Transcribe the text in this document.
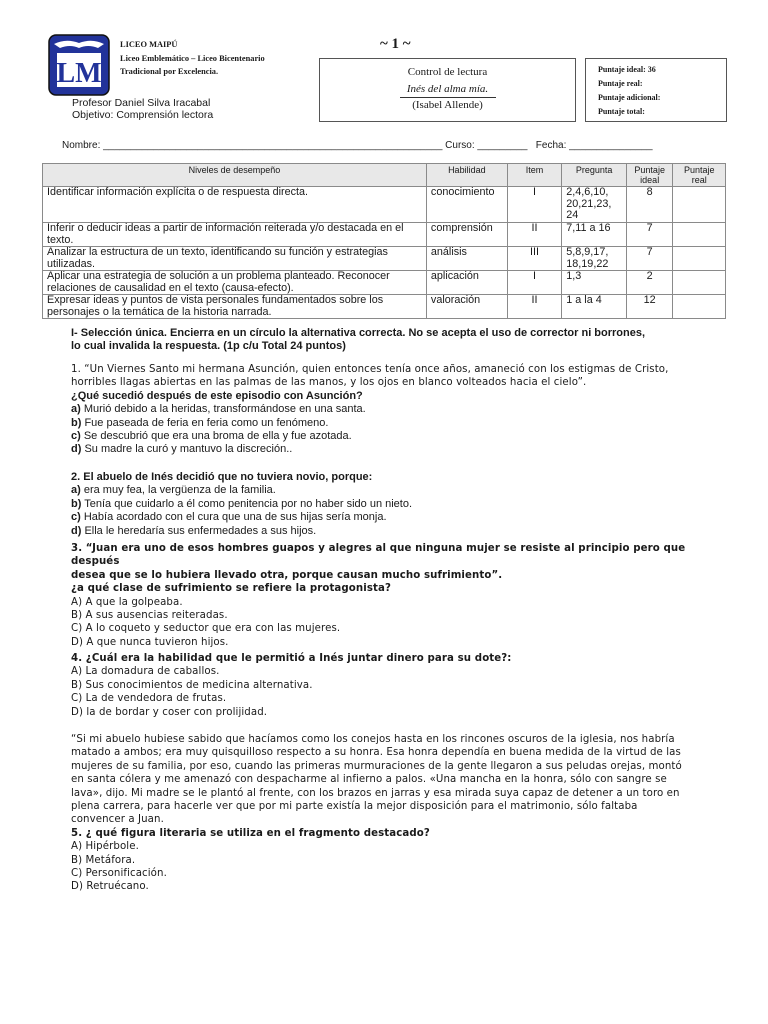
LM
LICEO MAIPÚ
Liceo Emblemático – Liceo Bicentenario
Tradicional por Excelencia.
~ 1 ~
Control de lectura
Inés del alma mía.
(Isabel Allende)
Puntaje ideal: 36
Puntaje real:
Puntaje adicional:
Puntaje total:
Profesor Daniel Silva Iracabal
Objetivo: Comprensión lectora
Nombre: _____________________________________________________________ Curso: _________   Fecha: _______________
Niveles de desempeño	Habilidad	Item	Pregunta	Puntaje ideal	Puntaje real
Identificar información explícita o de respuesta directa.	conocimiento	I	2,4,6,10, 20,21,23, 24	8	
Inferir o deducir ideas a partir de información reiterada y/o destacada en el texto.	comprensión	II	7,11 a 16	7	
Analizar la estructura de un texto, identificando su función y estrategias utilizadas.	análisis	III	5,8,9,17, 18,19,22	7	
Aplicar una estrategia de solución a un problema planteado. Reconocer relaciones de causalidad en el texto (causa-efecto).	aplicación	I	1,3	2	
Expresar ideas y puntos de vista personales fundamentados sobre los personajes o la temática de la historia narrada.	valoración	II	1 a la 4	12	

I- Selección única. Encierra en un círculo la alternativa correcta. No se acepta el uso de corrector ni borrones,

lo cual invalida la respuesta. (1p c/u Total 24 puntos)

1. “Un Viernes Santo mi hermana Asunción, quien entonces tenía once años, amaneció con los estigmas de Cristo,

horribles llagas abiertas en las palmas de las manos, y los ojos en blanco volteados hacia el cielo”.

¿Qué sucedió después de este episodio con Asunción?

a) Murió debido a la heridas, transformándose en una santa.

b) Fue paseada de feria en feria como un fenómeno.

c) Se descubrió que era una broma de ella y fue azotada.

d) Su madre la curó y mantuvo la discreción..

2. El abuelo de Inés decidió que no tuviera novio, porque:

a) era muy fea, la vergüenza de la familia.

b) Tenía que cuidarlo a él como penitencia por no haber sido un nieto.

c) Había acordado con el cura que una de sus hijas sería monja.

d) Ella le heredaría sus enfermedades a sus hijos.

3. “Juan era uno de esos hombres guapos y alegres al que ninguna mujer se resiste al principio pero que después

desea que se lo hubiera llevado otra, porque causan mucho sufrimiento”.

¿a qué clase de sufrimiento se refiere la protagonista?

A) A que la golpeaba.

B) A sus ausencias reiteradas.

C) A lo coqueto y seductor que era con las mujeres.

D) A que nunca tuvieron hijos.

4. ¿Cuál era la habilidad que le permitió a Inés juntar dinero para su dote?:

A) La domadura de caballos.

B) Sus conocimientos de medicina alternativa.

C) La de vendedora de frutas.

D) la de bordar y coser con prolijidad.

“Si mi abuelo hubiese sabido que hacíamos como los conejos hasta en los rincones oscuros de la iglesia, nos habría

matado a ambos; era muy quisquilloso respecto a su honra. Esa honra dependía en buena medida de la virtud de las

mujeres de su familia, por eso, cuando las primeras murmuraciones de la gente llegaron a sus peludas orejas, montó

en santa cólera y me amenazó con despacharme al infierno a palos. «Una mancha en la honra, sólo con sangre se

lava», dijo. Mi madre se le plantó al frente, con los brazos en jarras y esa mirada suya capaz de detener a un toro en

plena carrera, para hacerle ver que por mi parte existía la mejor disposición para el matrimonio, sólo faltaba

convencer a Juan.

5. ¿ qué figura literaria se utiliza en el fragmento destacado?

A) Hipérbole.

B) Metáfora.

C) Personificación.

D) Retruécano.
